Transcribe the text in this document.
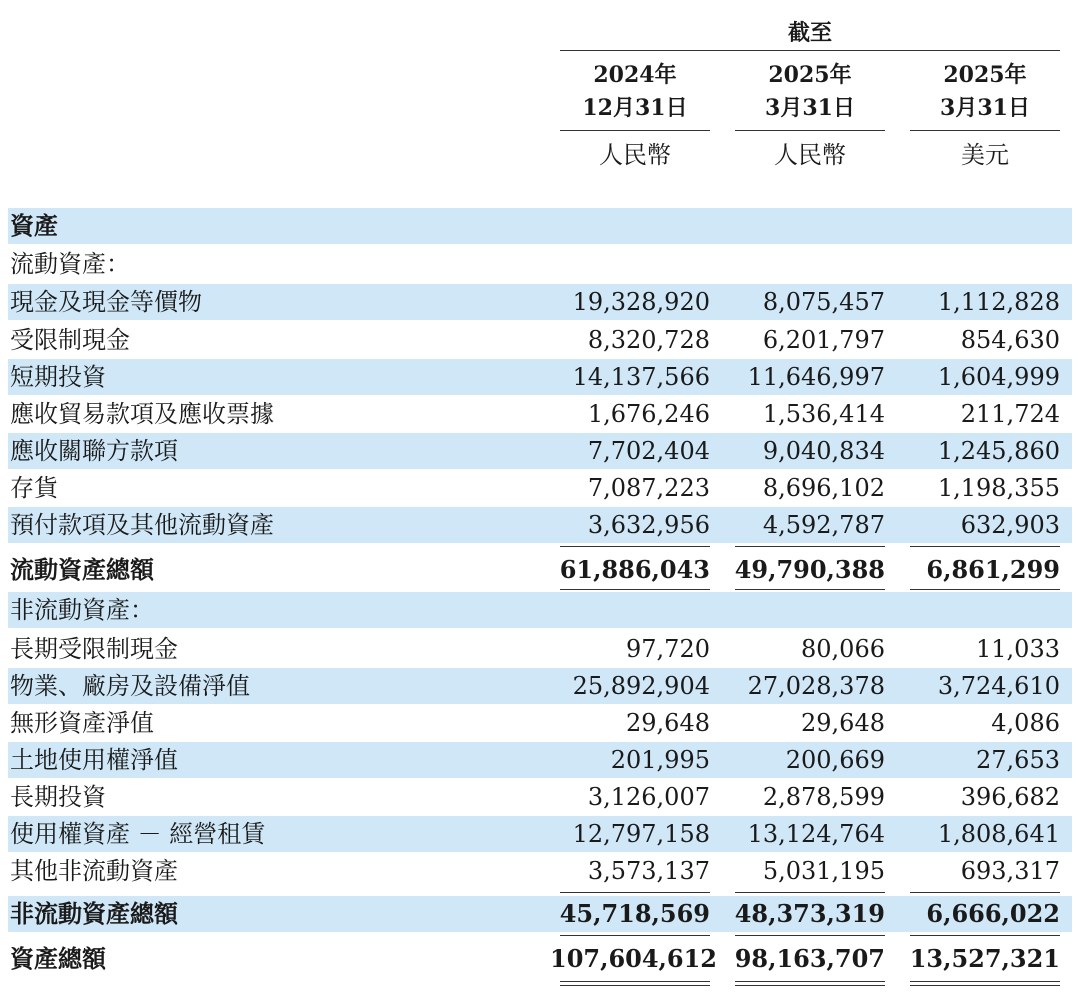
截至
2024年
12月31日
人民幣
2025年
3月31日
人民幣
2025年
3月31日
美元
資產
流動資產：
現金及現金等價物	19,328,920	8,075,457	1,112,828
受限制現金	8,320,728	6,201,797	854,630
短期投資	14,137,566	11,646,997	1,604,999
應收貿易款項及應收票據	1,676,246	1,536,414	211,724
應收關聯方款項	7,702,404	9,040,834	1,245,860
存貨	7,087,223	8,696,102	1,198,355
預付款項及其他流動資產	3,632,956	4,592,787	632,903
流動資產總額	61,886,043	49,790,388	6,861,299
非流動資產：
長期受限制現金	97,720	80,066	11,033
物業、廠房及設備淨值	25,892,904	27,028,378	3,724,610
無形資產淨值	29,648	29,648	4,086
土地使用權淨值	201,995	200,669	27,653
長期投資	3,126,007	2,878,599	396,682
使用權資產 － 經營租賃	12,797,158	13,124,764	1,808,641
其他非流動資產	3,573,137	5,031,195	693,317
非流動資產總額	45,718,569	48,373,319	6,666,022
資產總額	107,604,612 98,163,707	13,527,321
